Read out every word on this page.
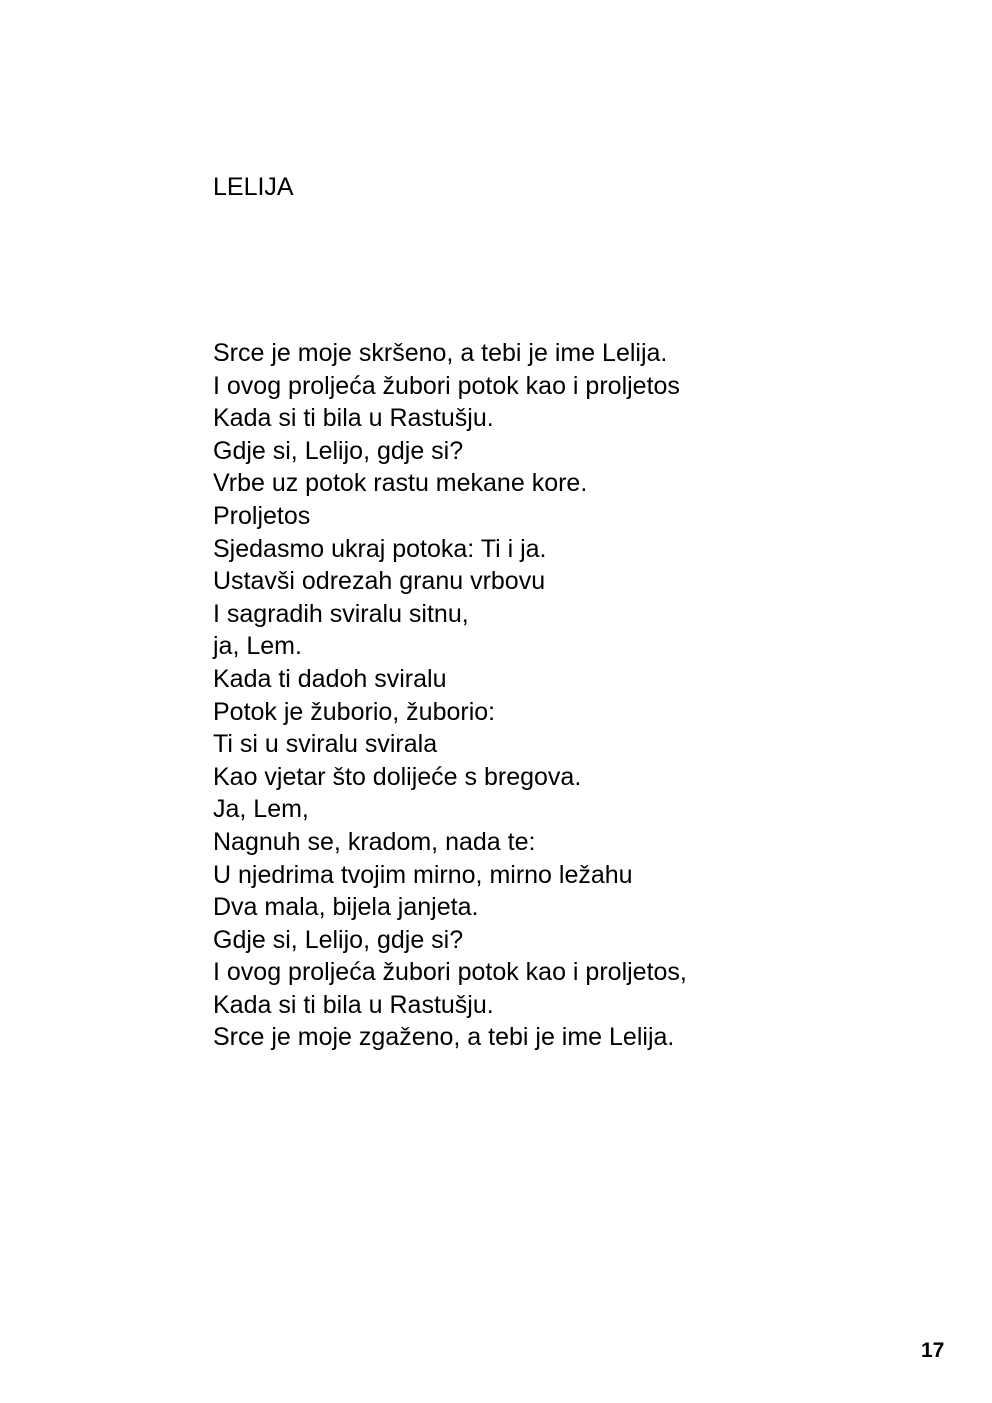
LELIJA
Srce je moje skršeno, a tebi je ime Lelija.
I ovog proljeća žubori potok kao i proljetos
Kada si ti bila u Rastušju.
Gdje si, Lelijo, gdje si?
Vrbe uz potok rastu mekane kore.
Proljetos
Sjedasmo ukraj potoka: Ti i ja.
Ustavši odrezah granu vrbovu
I sagradih sviralu sitnu,
ja, Lem.
Kada ti dadoh sviralu
Potok je žuborio, žuborio:
Ti si u sviralu svirala
Kao vjetar što dolijeće s bregova.
Ja, Lem,
Nagnuh se, kradom, nada te:
U njedrima tvojim mirno, mirno ležahu
Dva mala, bijela janjeta.
Gdje si, Lelijo, gdje si?
I ovog proljeća žubori potok kao i proljetos,
Kada si ti bila u Rastušju.
Srce je moje zgaženo, a tebi je ime Lelija.
17
